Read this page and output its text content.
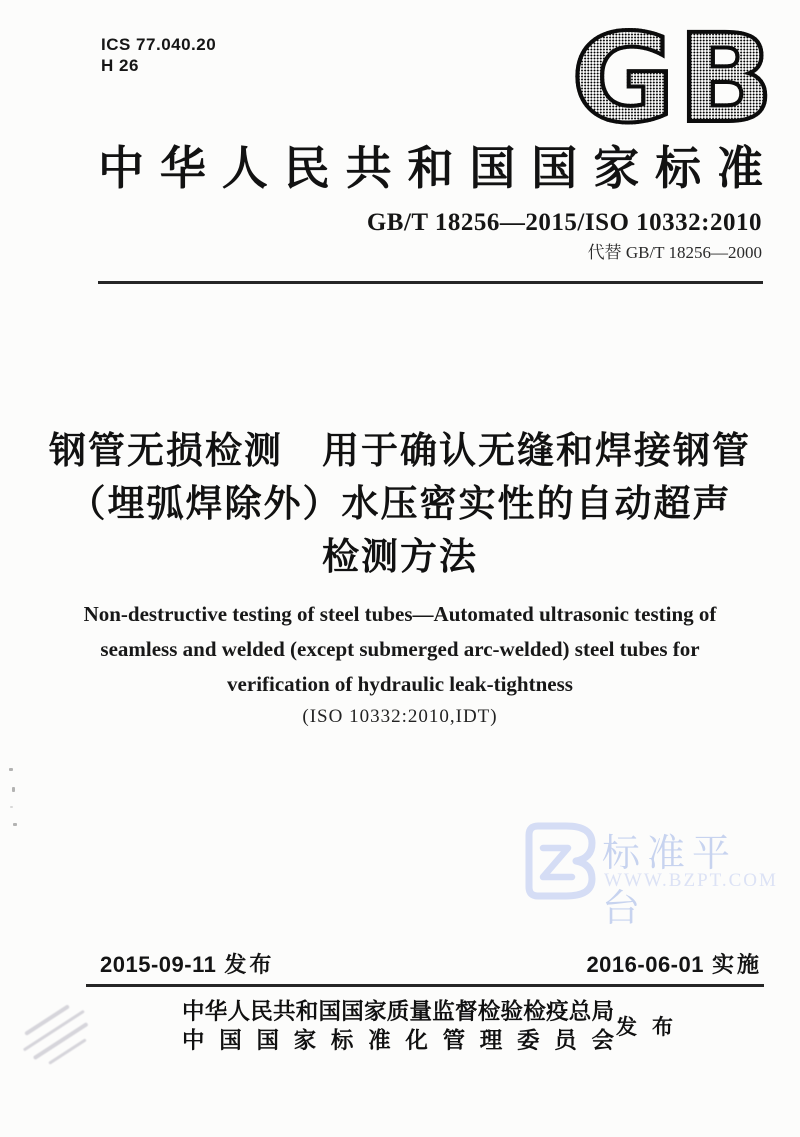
ICS 77.040.20
H 26	GB
中华人民共和国国家标准
GB/T 18256—2015/ISO 10332:2010
代替 GB/T 18256—2000
钢管无损检测　用于确认无缝和焊接钢管
（埋弧焊除外）水压密实性的自动超声
检测方法
Non-destructive testing of steel tubes—Automated ultrasonic testing of
seamless and welded (except submerged arc-welded) steel tubes for
verification of hydraulic leak-tightness
(ISO 10332:2010,IDT)
标准平台
WWW.BZPT.COM
2015-09-11 发布	2016-06-01 实施
中华人民共和国国家质量监督检验检疫总局
中国国家标准化管理委员会
发布
